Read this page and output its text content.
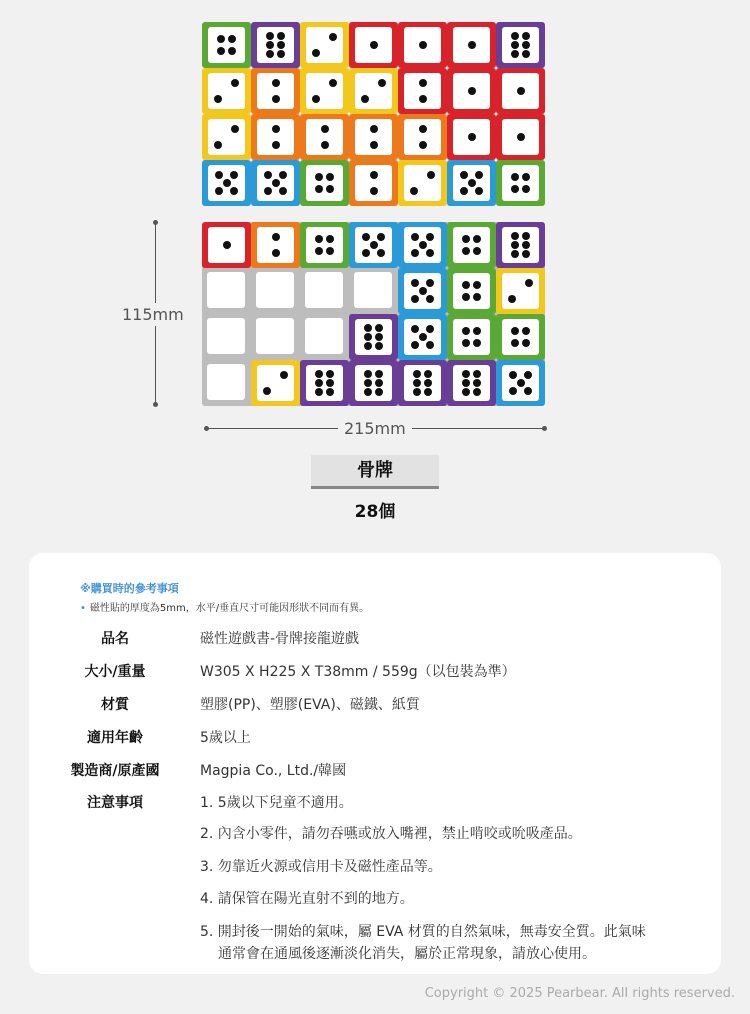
115mm
215mm
骨牌
28個
※購買時的參考事項
• 磁性貼的厚度為5mm，水平/垂直尺寸可能因形狀不同而有異。
品名	磁性遊戲書-骨牌接龍遊戲
大小/重量	W305 X H225 X T38mm / 559g（以包裝為準）
材質	塑膠(PP)、塑膠(EVA)、磁鐵、紙質
適用年齡	5歲以上
製造商/原產國	Magpia Co., Ltd./韓國
注意事項	1. 5歲以下兒童不適用。
2. 內含小零件，請勿吞嚥或放入嘴裡，禁止啃咬或吮吸產品。
3. 勿靠近火源或信用卡及磁性產品等。
4. 請保管在陽光直射不到的地方。
5. 開封後一開始的氣味，屬 EVA 材質的自然氣味，無毒安全質。此氣味
通常會在通風後逐漸淡化消失，屬於正常現象，請放心使用。
Copyright © 2025 Pearbear. All rights reserved.
